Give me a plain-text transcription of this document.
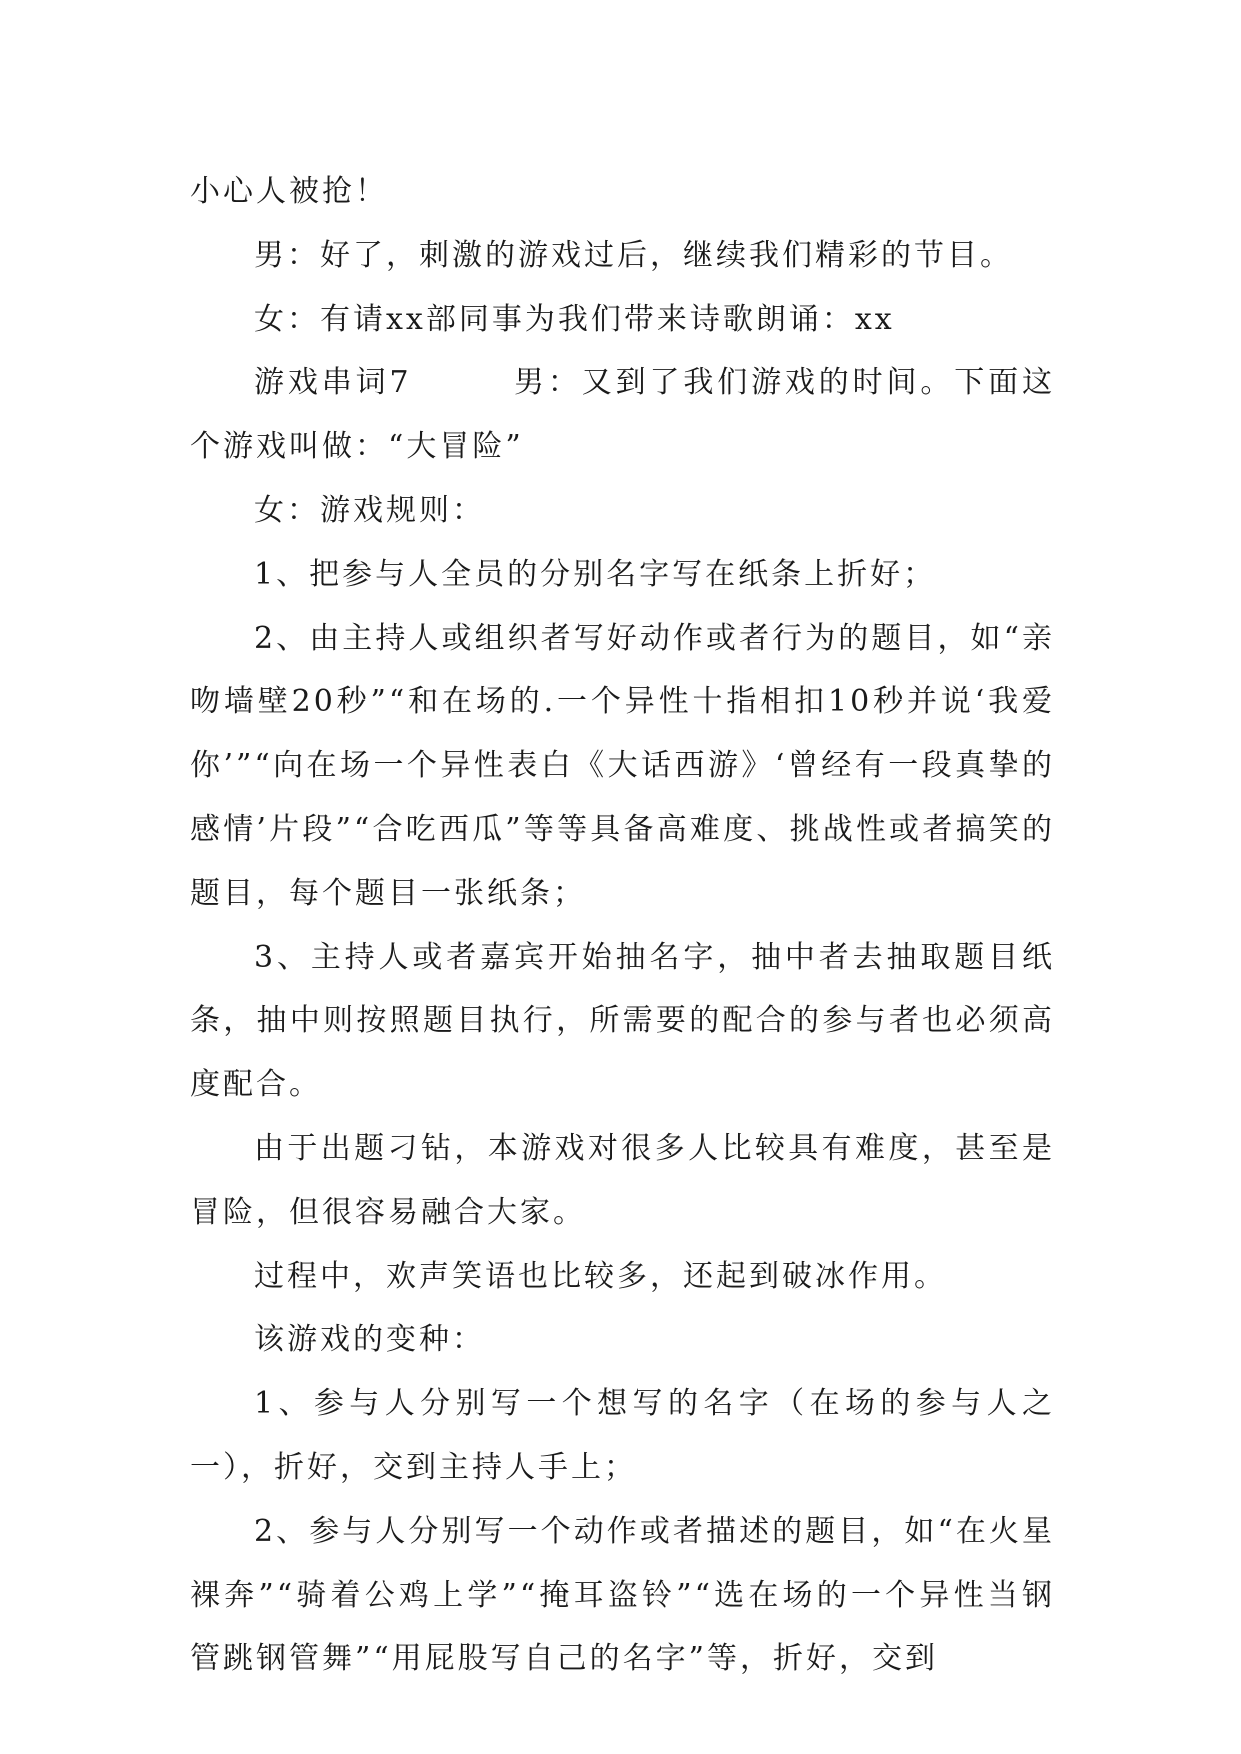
小心人被抢！

男：好了，刺激的游戏过后，继续我们精彩的节目。

女：有请xx部同事为我们带来诗歌朗诵：xx

游戏串词7　　　男：又到了我们游戏的时间。下面这个游戏叫做：“大冒险”

女：游戏规则：

1、把参与人全员的分别名字写在纸条上折好；

2、由主持人或组织者写好动作或者行为的题目，如“亲吻墙壁20秒”“和在场的.一个异性十指相扣10秒并说‘我爱你’”“向在场一个异性表白《大话西游》‘曾经有一段真挚的感情’片段”“合吃西瓜”等等具备高难度、挑战性或者搞笑的题目，每个题目一张纸条；

3、主持人或者嘉宾开始抽名字，抽中者去抽取题目纸条，抽中则按照题目执行，所需要的配合的参与者也必须高度配合。

由于出题刁钻，本游戏对很多人比较具有难度，甚至是冒险，但很容易融合大家。

过程中，欢声笑语也比较多，还起到破冰作用。

该游戏的变种：

1、参与人分别写一个想写的名字（在场的参与人之一），折好，交到主持人手上；

2、参与人分别写一个动作或者描述的题目，如“在火星裸奔”“骑着公鸡上学”“掩耳盗铃”“选在场的一个异性当钢管跳钢管舞”“用屁股写自己的名字”等，折好，交到
